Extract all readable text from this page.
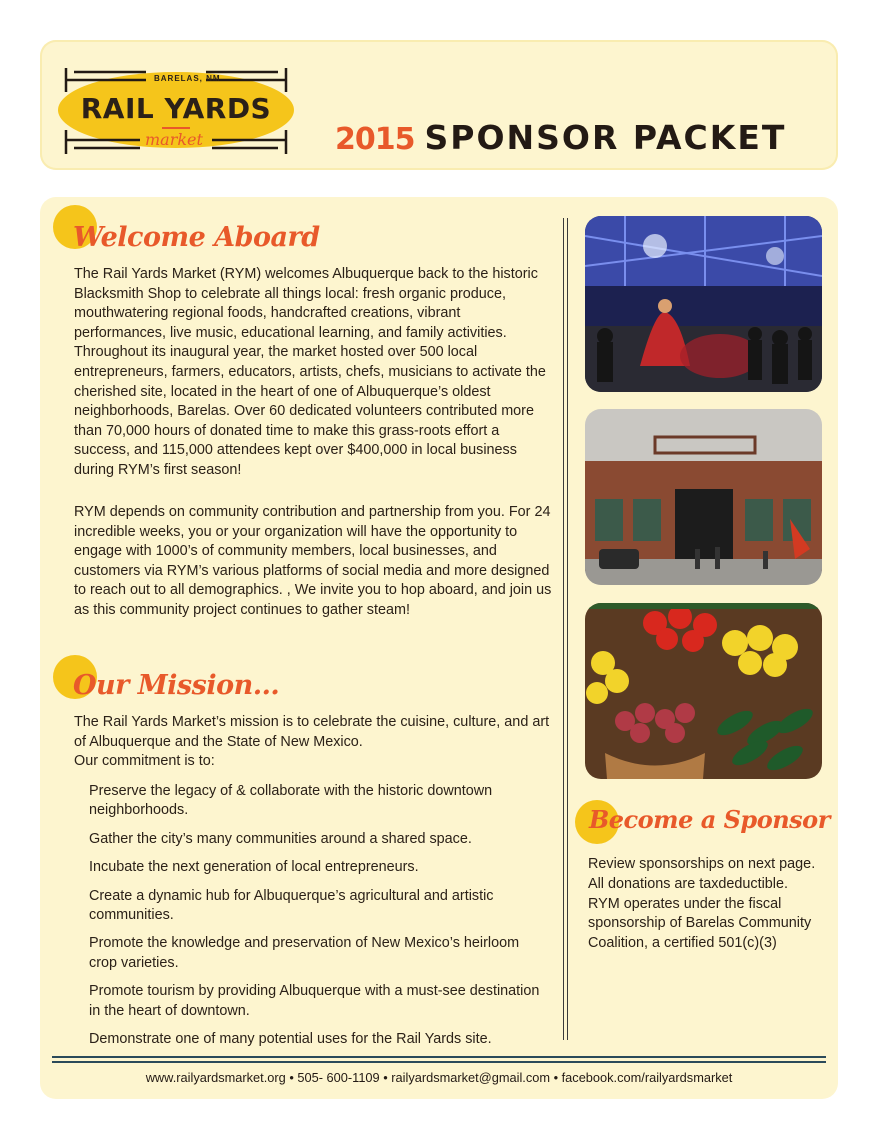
BARELAS, NM
RAIL YARDS
market	2015 SPONSOR PACKET
Welcome Aboard

The Rail Yards Market (RYM) welcomes Albuquerque back to the historic Blacksmith Shop to celebrate all things local: fresh organic produce, mouthwatering regional foods, handcrafted creations, vibrant performances, live music, educational learning, and family activities. Throughout its inaugural year, the market hosted over 500 local entrepreneurs, farmers, educators, artists, chefs, musicians to activate the cherished site, located in the heart of one of Albuquerque’s oldest neighborhoods, Barelas. Over 60 dedicated volunteers contributed more than 70,000 hours of donated time to make this grass-roots effort a success, and 115,000 attendees kept over $400,000 in local business during RYM’s first season!

RYM depends on community contribution and partnership from you. For 24 incredible weeks, you or your organization will have the opportunity to engage with 1000’s of community members, local businesses, and customers via RYM’s various platforms of social media and more designed to reach out to all demographics. , We invite you to hop aboard, and join us as this community project continues to gather steam!

Our Mission…

The Rail Yards Market’s mission is to celebrate the cuisine, culture, and art of Albuquerque and the State of New Mexico.

Our commitment is to:

Preserve the legacy of & collaborate with the historic downtown neighborhoods.
Gather the city’s many communities around a shared space.
Incubate the next generation of local entrepreneurs.
Create a dynamic hub for Albuquerque’s agricultural and artistic communities.
Promote the knowledge and preservation of New Mexico’s heirloom crop varieties.
Promote tourism by providing Albuquerque with a must-see destination in the heart of downtown.
Demonstrate one of many potential uses for the Rail Yards site.
Become a Sponsor

Review sponsorships on next page. All donations are taxdeductible. RYM operates under the fiscal sponsorship of Barelas Community Coalition, a certified 501(c)(3)

www.railyardsmarket.org • 505- 600-1109 • railyardsmarket@gmail.com • facebook.com/railyardsmarket
